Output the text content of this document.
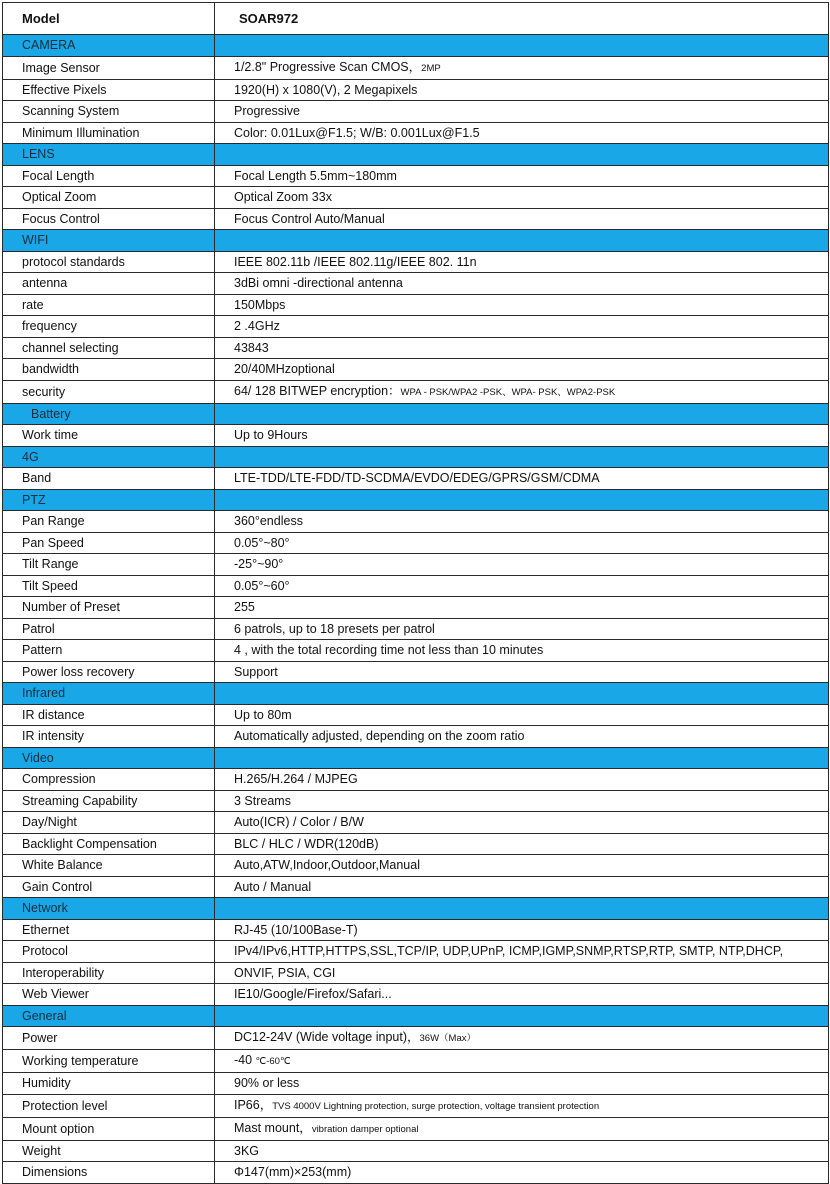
Model	SOAR972
CAMERA	
Image Sensor	1/2.8" Progressive Scan CMOS，2MP
Effective Pixels	1920(H) x 1080(V), 2 Megapixels
Scanning System	Progressive
Minimum Illumination	Color: 0.01Lux@F1.5; W/B: 0.001Lux@F1.5
LENS	
Focal Length	Focal Length 5.5mm~180mm
Optical Zoom	Optical Zoom 33x
Focus Control	Focus Control Auto/Manual
WIFI	
protocol standards	IEEE 802.11b /IEEE 802.11g/IEEE 802. 11n
antenna	3dBi omni -directional antenna
rate	150Mbps
frequency	2 .4GHz
channel selecting	43843
bandwidth	20/40MHzoptional
security	64/ 128 BITWEP encryption：WPA - PSK/WPA2 -PSK、WPA- PSK、WPA2-PSK
Battery	
Work time	Up to 9Hours
4G	
Band	LTE-TDD/LTE-FDD/TD-SCDMA/EVDO/EDEG/GPRS/GSM/CDMA
PTZ	
Pan Range	360°endless
Pan Speed	0.05°~80°
Tilt Range	-25°~90°
Tilt Speed	0.05°~60°
Number of Preset	255
Patrol	6 patrols, up to 18 presets per patrol
Pattern	4 , with the total recording time not less than 10 minutes
Power loss recovery	Support
Infrared	
IR distance	Up to 80m
IR intensity	Automatically adjusted, depending on the zoom ratio
Video	
Compression	H.265/H.264 / MJPEG
Streaming Capability	3 Streams
Day/Night	Auto(ICR) / Color / B/W
Backlight Compensation	BLC / HLC / WDR(120dB)
White Balance	Auto,ATW,Indoor,Outdoor,Manual
Gain Control	Auto / Manual
Network	
Ethernet	RJ-45 (10/100Base-T)
Protocol	IPv4/IPv6,HTTP,HTTPS,SSL,TCP/IP, UDP,UPnP, ICMP,IGMP,SNMP,RTSP,RTP, SMTP, NTP,DHCP,
Interoperability	ONVIF, PSIA, CGI
Web Viewer	IE10/Google/Firefox/Safari...
General	
Power	DC12-24V (Wide voltage input)，36W（Max）
Working temperature	-40 ℃-60℃
Humidity	90% or less
Protection level	IP66，TVS 4000V Lightning protection, surge protection, voltage transient protection
Mount option	Mast mount，vibration damper optional
Weight	3KG
Dimensions	Φ147(mm)×253(mm)
